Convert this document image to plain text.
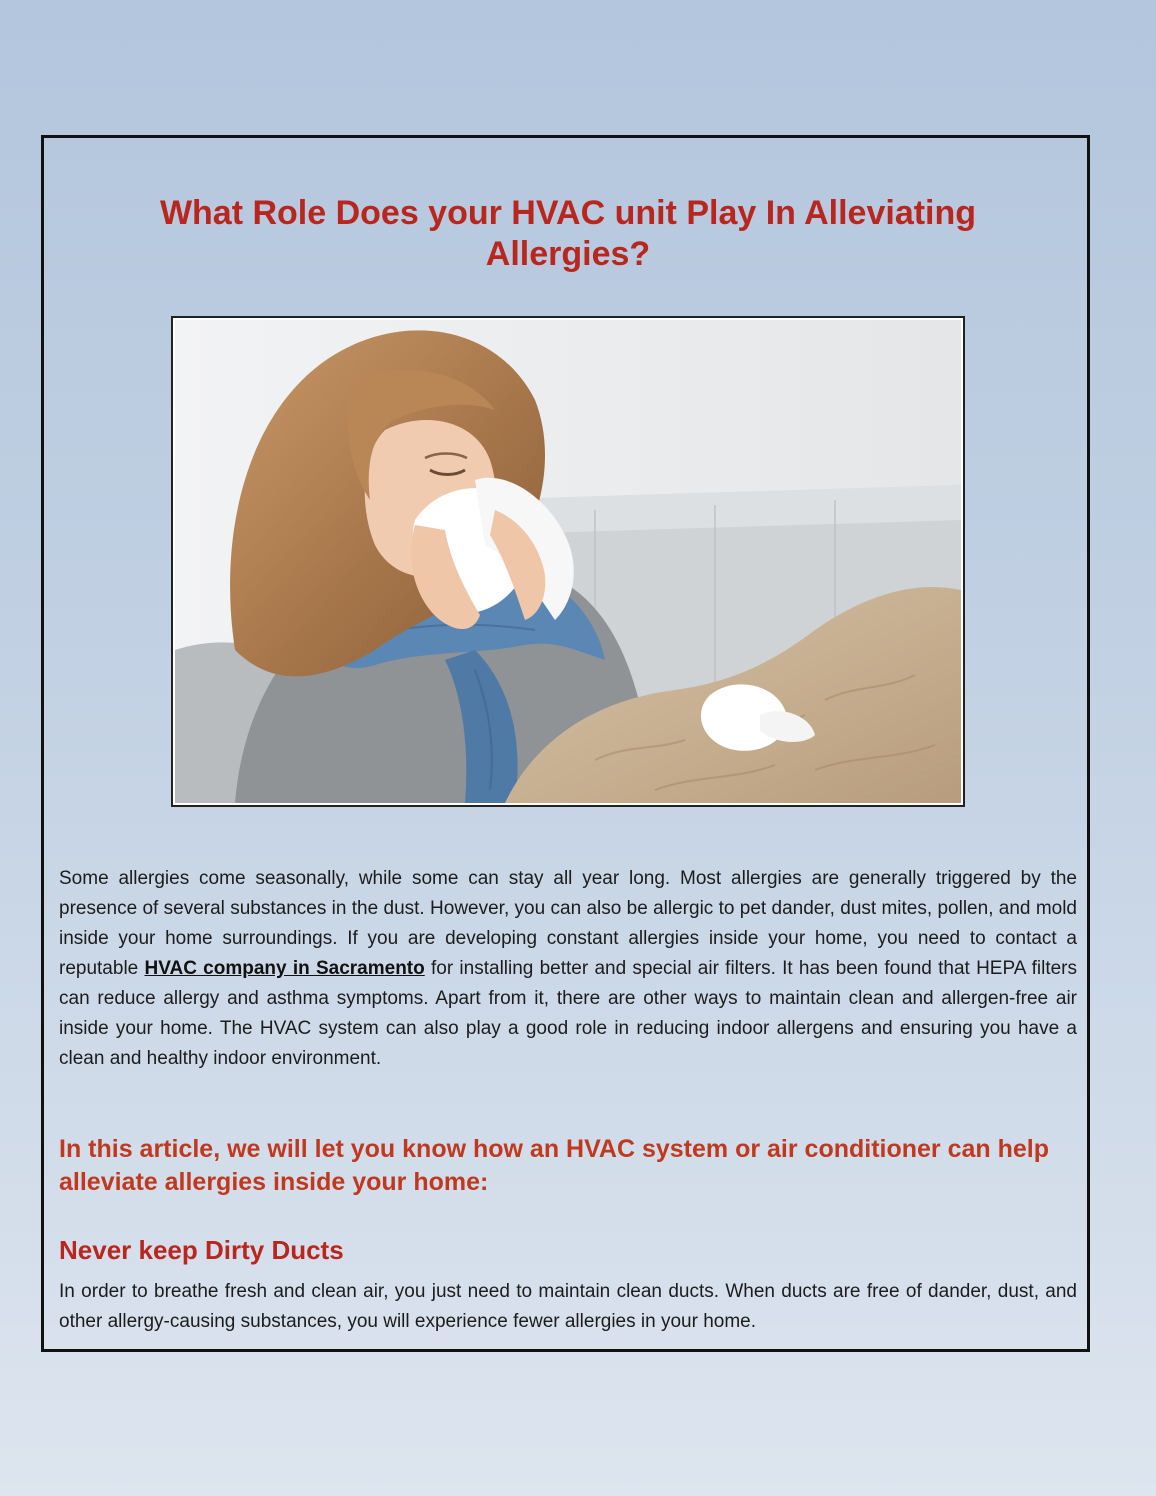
What Role Does your HVAC unit Play In Alleviating Allergies?

Some allergies come seasonally, while some can stay all year long. Most allergies are generally triggered by the presence of several substances in the dust. However, you can also be allergic to pet dander, dust mites, pollen, and mold inside your home surroundings. If you are developing constant allergies inside your home, you need to contact a reputable HVAC company in Sacramento for installing better and special air filters. It has been found that HEPA filters can reduce allergy and asthma symptoms. Apart from it, there are other ways to maintain clean and allergen-free air inside your home. The HVAC system can also play a good role in reducing indoor allergens and ensuring you have a clean and healthy indoor environment.

In this article, we will let you know how an HVAC system or air conditioner can help alleviate allergies inside your home:
Never keep Dirty Ducts

In order to breathe fresh and clean air, you just need to maintain clean ducts. When ducts are free of dander, dust, and other allergy-causing substances, you will experience fewer allergies in your home.
